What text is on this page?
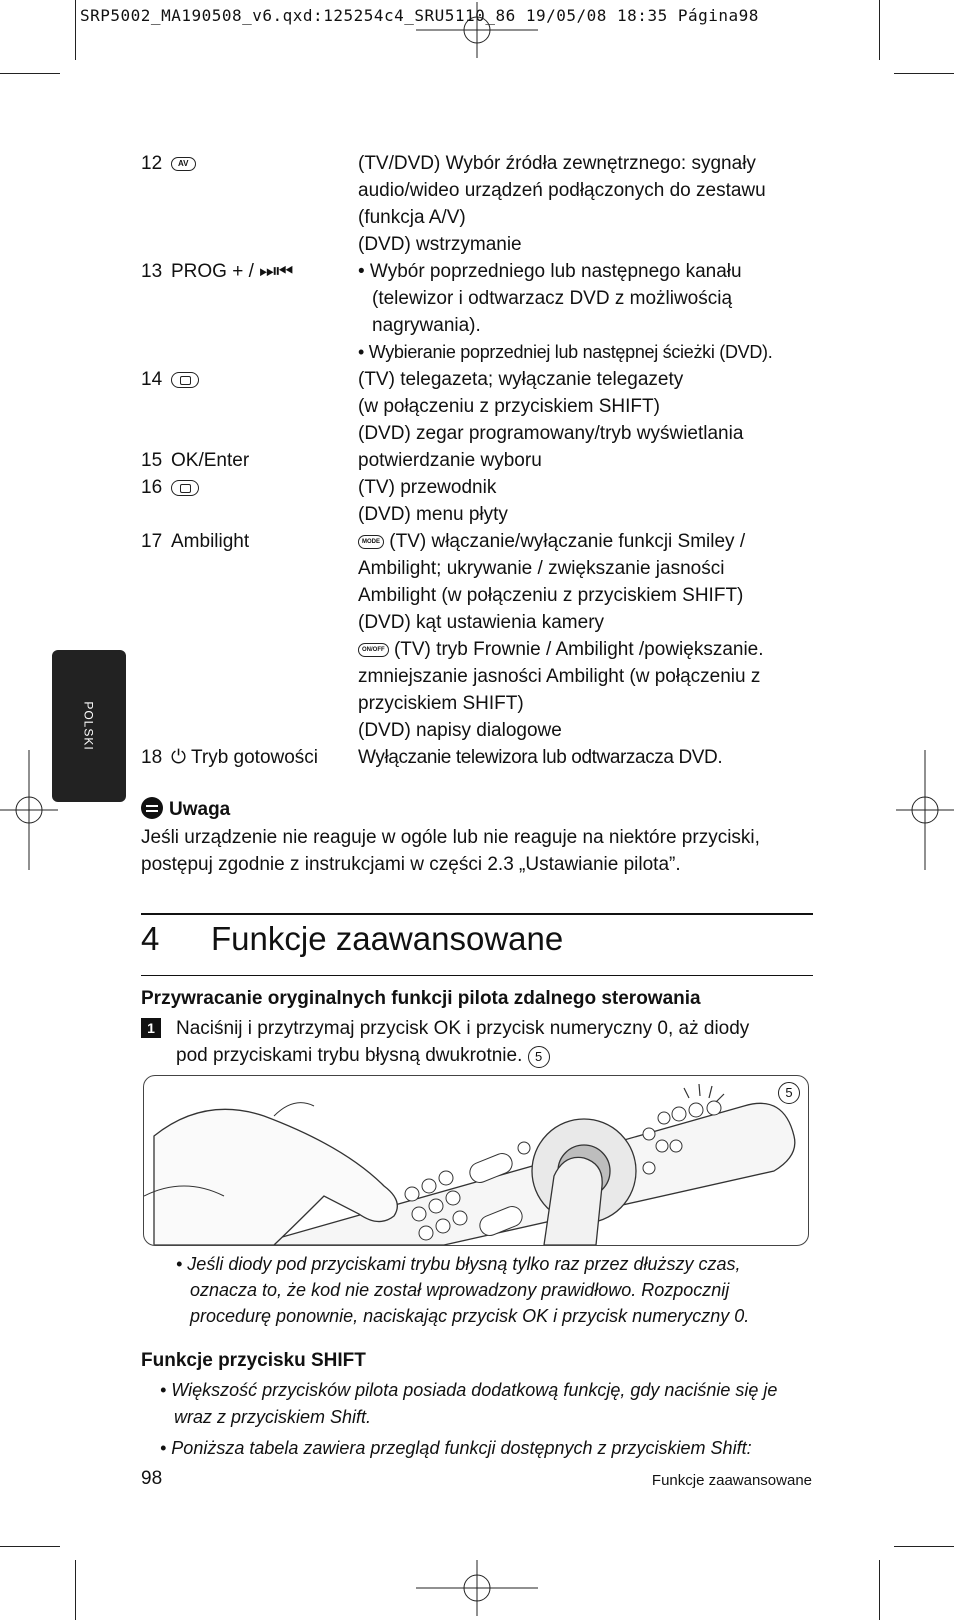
SRP5002_MA190508_v6.qxd:125254c4_SRU5110_86 19/05/08 18:35 Página98
POLSKI
12	AV	(TV/DVD) Wybór źródła zewnętrznego: sygnały
audio/wideo urządzeń podłączonych do zestawu
(funkcja A/V)
(DVD) wstrzymanie
13 PROG + / ⏭⏮	• Wybór poprzedniego lub następnego kanału
(telewizor i odtwarzacz DVD z możliwością
nagrywania).
• Wybieranie poprzedniej lub następnej ścieżki (DVD).
14	(TV) telegazeta; wyłączanie telegazety
(w połączeniu z przyciskiem SHIFT)
(DVD) zegar programowany/tryb wyświetlania
15 OK/Enter	potwierdzanie wyboru
16	(TV) przewodnik
(DVD) menu płyty
17 Ambilight	MODE (TV) włączanie/wyłączanie funkcji Smiley /
Ambilight; ukrywanie / zwiększanie jasności
Ambilight (w połączeniu z przyciskiem SHIFT)
(DVD) kąt ustawienia kamery
ON/OFF (TV) tryb Frownie / Ambilight /powiększanie.
zmniejszanie jasności Ambilight (w połączeniu z
przyciskiem SHIFT)
(DVD) napisy dialogowe
18 ⏻ Tryb gotowości Wyłączanie telewizora lub odtwarzacza DVD.
Uwaga
Jeśli urządzenie nie reaguje w ogóle lub nie reaguje na niektóre przyciski,
postępuj zgodnie z instrukcjami w części 2.3 „Ustawianie pilota”.
4 Funkcje zaawansowane
Przywracanie oryginalnych funkcji pilota zdalnego sterowania
1	Naciśnij i przytrzymaj przycisk OK i przycisk numeryczny 0, aż diody
pod przyciskami trybu błysną dwukrotnie. 5
5
• Jeśli diody pod przyciskami trybu błysną tylko raz przez dłuższy czas,
oznacza to, że kod nie został wprowadzony prawidłowo. Rozpocznij
procedurę ponownie, naciskając przycisk OK i przycisk numeryczny 0.
Funkcje przycisku SHIFT
• Większość przycisków pilota posiada dodatkową funkcję, gdy naciśnie się je
wraz z przyciskiem Shift.
• Poniższa tabela zawiera przegląd funkcji dostępnych z przyciskiem Shift:
98	Funkcje zaawansowane
